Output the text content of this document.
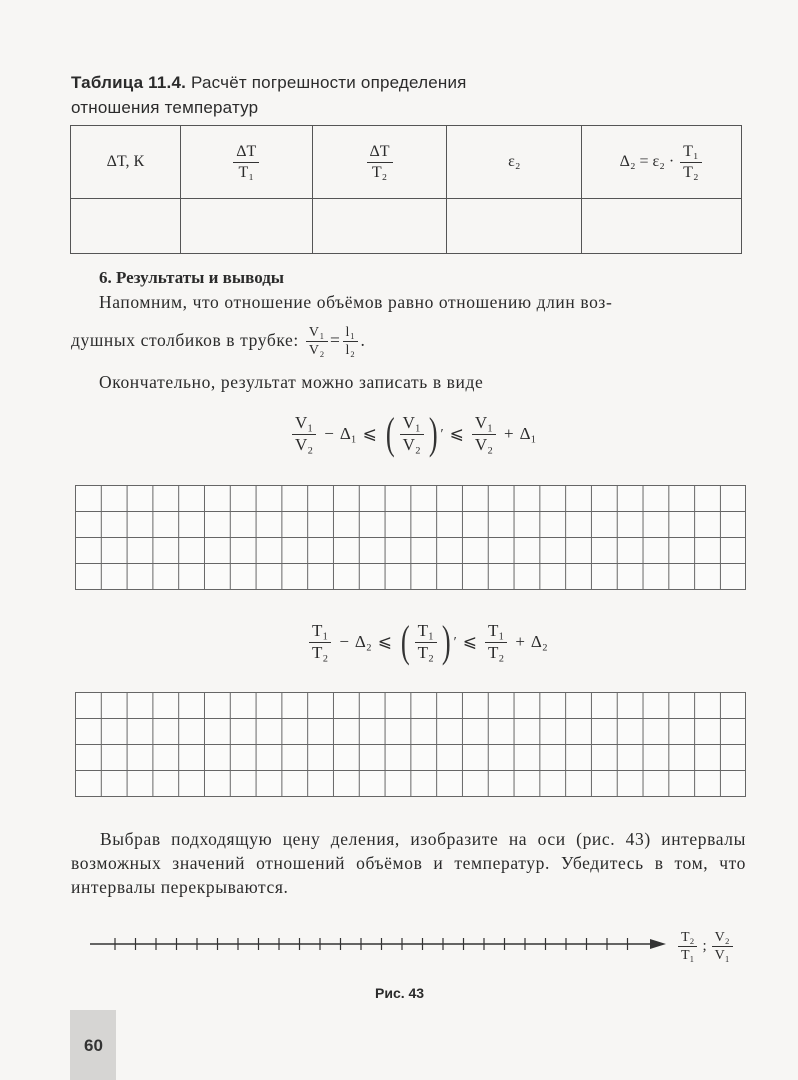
Таблица 11.4. Расчёт погрешности определения
отношения температур
ΔT, К	$\frac{\Delta T}{\text{T₁}}$	$\frac{\Delta T}{\text{T₂}}$	ε₂	$\Delta_2 = \varepsilon_2 \cdot \frac{\text{T₁}}{\text{T₂}}$

6. Результаты и выводы
Напомним, что отношение объёмов равно отношению длин воз-
душных столбиков в трубке: $\frac{\text{V₁}}{\text{V₂}} = \frac{\text{l₁}}{\text{l₂}}$ .
Окончательно, результат можно записать в виде
$\frac{\text{V₁}}{\text{V₂}} - \Delta_1$ ⩽ ( $\frac{\text{V₁}}{\text{V₂}}$ ) ′ ⩽ $\frac{\text{V₁}}{\text{V₂}} + \Delta_1$
$\frac{\text{T₁}}{\text{T₂}} - \Delta_2$ ⩽ ( $\frac{\text{T₁}}{\text{T₂}}$ ) ′ ⩽ $\frac{\text{T₁}}{\text{T₂}} + \Delta_2$
Выбрав подходящую цену деления, изобразите на оси (рис. 43) интервалы возможных значений отношений объёмов и температур. Убедитесь в том, что интервалы перекрываются.
$\frac{\text{T₂}}{\text{T₁}}$ ; $\frac{\text{V₂}}{\text{V₁}}$
Рис. 43
60
